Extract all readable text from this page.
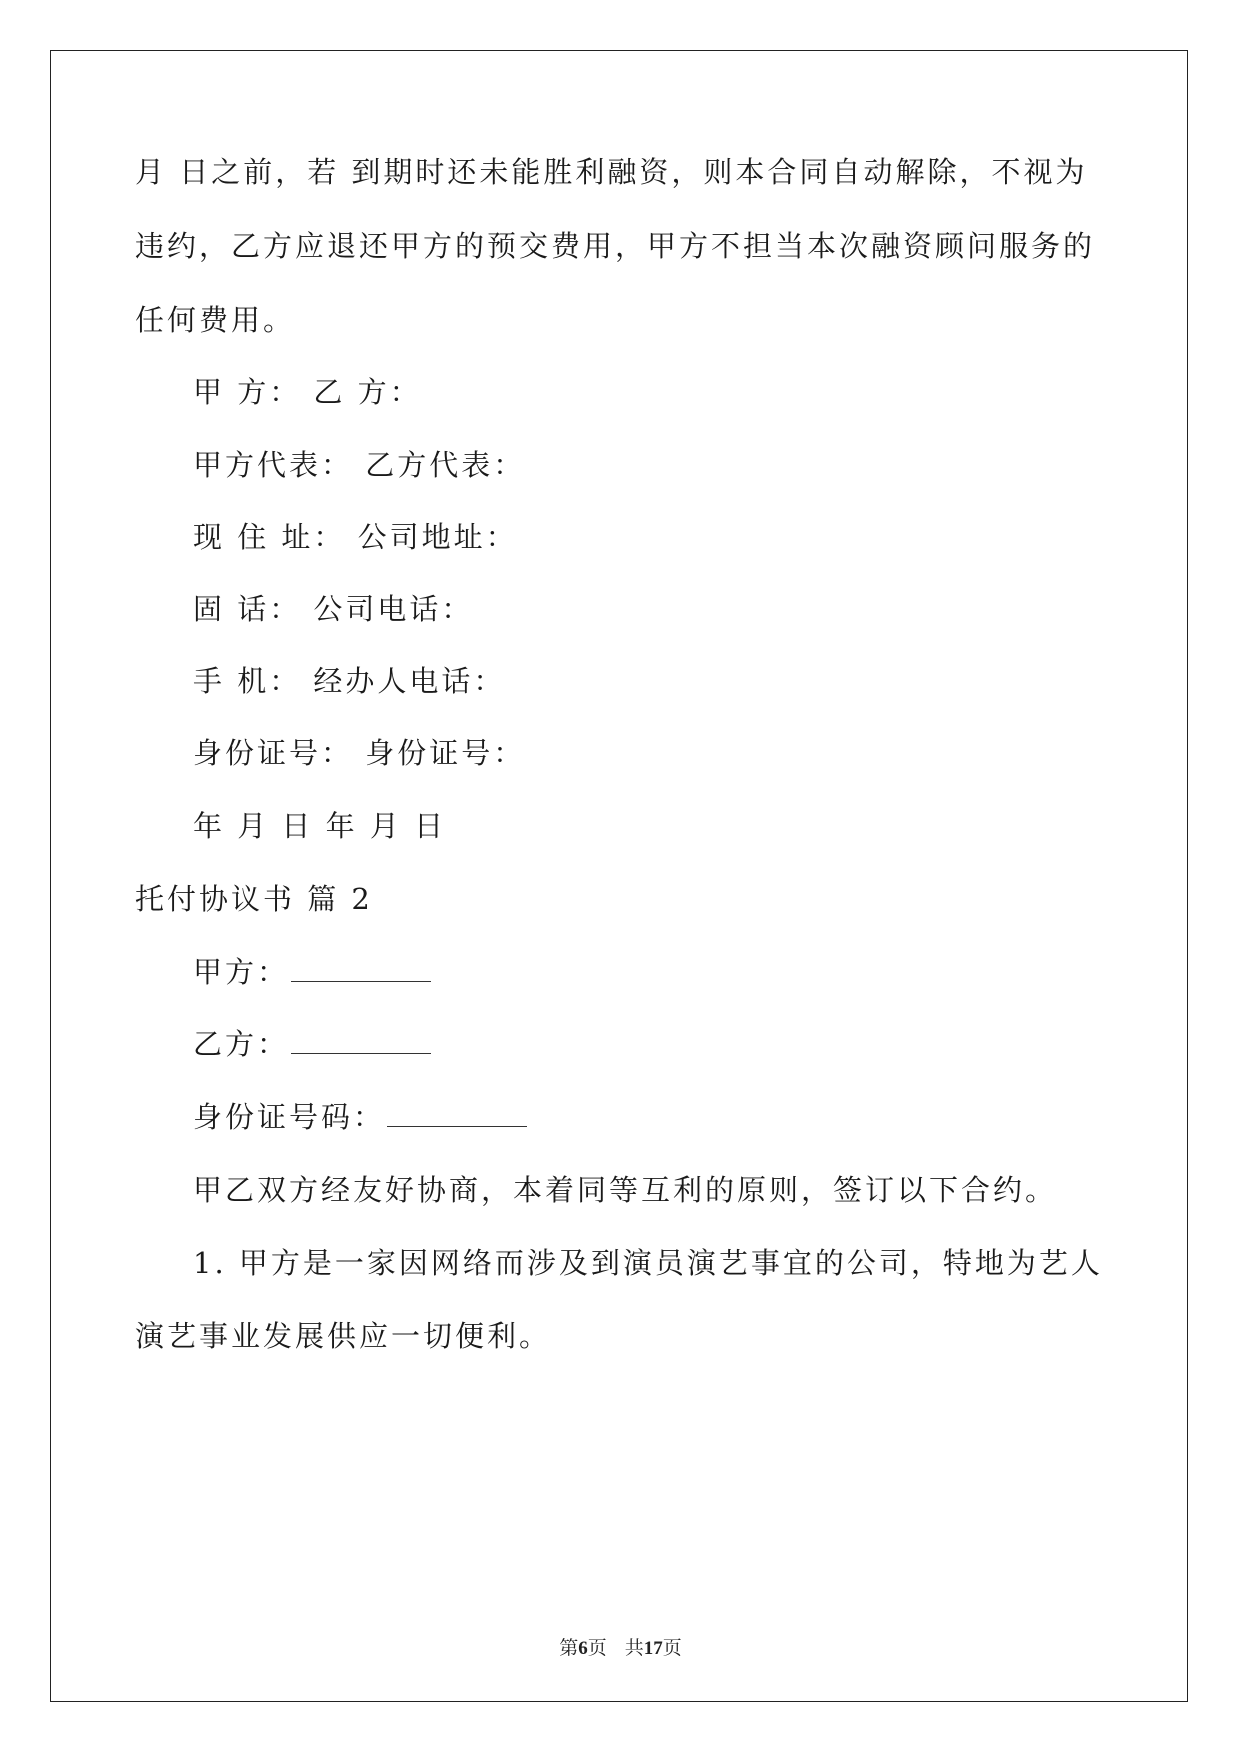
月 日之前，若 到期时还未能胜利融资，则本合同自动解除，不视为
违约，乙方应退还甲方的预交费用，甲方不担当本次融资顾问服务的
任何费用。
甲 方： 乙 方：
甲方代表： 乙方代表：
现 住 址： 公司地址：
固 话： 公司电话：
手 机： 经办人电话：
身份证号： 身份证号：
年 月 日 年 月 日
托付协议书 篇 2
甲方：
乙方：
身份证号码：
甲乙双方经友好协商，本着同等互利的原则，签订以下合约。
1. 甲方是一家因网络而涉及到演员演艺事宜的公司，特地为艺人
演艺事业发展供应一切便利。
第6页 共17页
